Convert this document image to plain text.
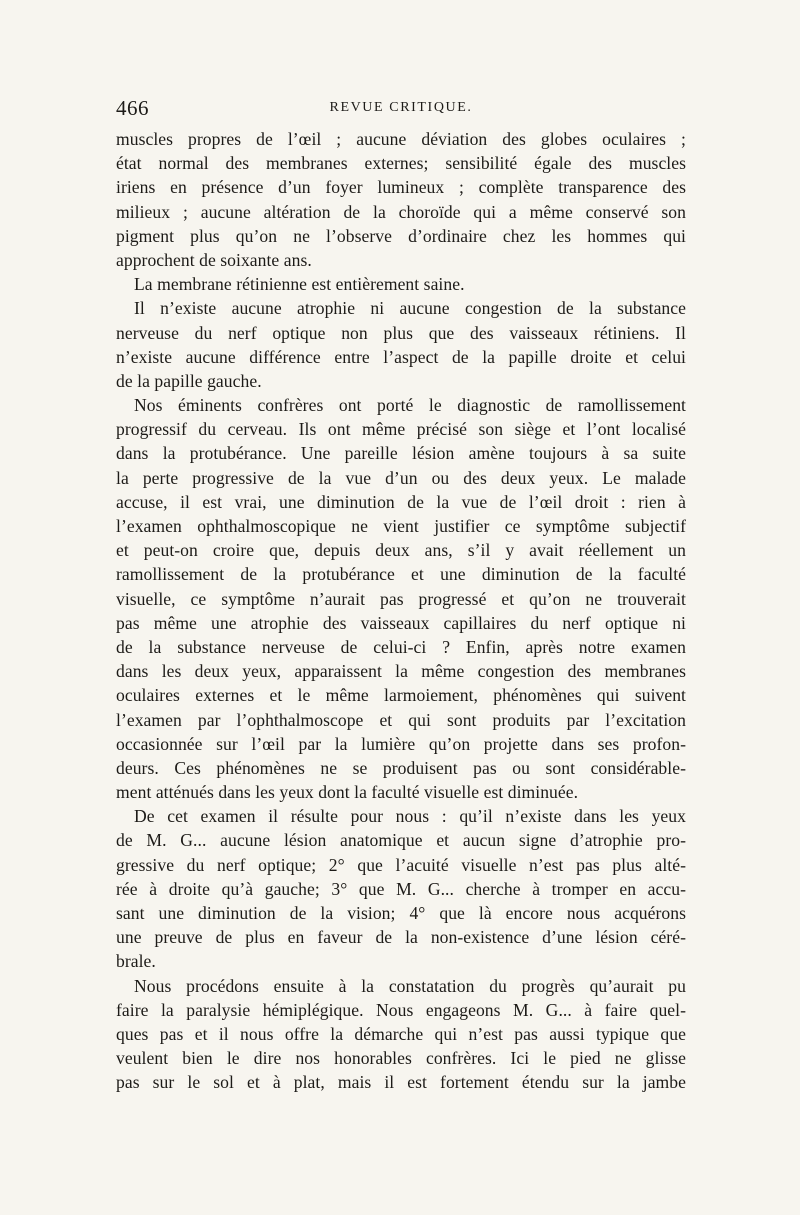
466	REVUE CRITIQUE.
muscles propres de l’œil ; aucune déviation des globes oculaires ;
état normal des membranes externes; sensibilité égale des muscles
iriens en présence d’un foyer lumineux ; complète transparence des
milieux ; aucune altération de la choroïde qui a même conservé son
pigment plus qu’on ne l’observe d’ordinaire chez les hommes qui
approchent de soixante ans.
La membrane rétinienne est entièrement saine.
Il n’existe aucune atrophie ni aucune congestion de la substance
nerveuse du nerf optique non plus que des vaisseaux rétiniens. Il
n’existe aucune différence entre l’aspect de la papille droite et celui
de la papille gauche.
Nos éminents confrères ont porté le diagnostic de ramollissement
progressif du cerveau. Ils ont même précisé son siège et l’ont localisé
dans la protubérance. Une pareille lésion amène toujours à sa suite
la perte progressive de la vue d’un ou des deux yeux. Le malade
accuse, il est vrai, une diminution de la vue de l’œil droit : rien à
l’examen ophthalmoscopique ne vient justifier ce symptôme subjectif
et peut-on croire que, depuis deux ans, s’il y avait réellement un
ramollissement de la protubérance et une diminution de la faculté
visuelle, ce symptôme n’aurait pas progressé et qu’on ne trouverait
pas même une atrophie des vaisseaux capillaires du nerf optique ni
de la substance nerveuse de celui-ci ? Enfin, après notre examen
dans les deux yeux, apparaissent la même congestion des membranes
oculaires externes et le même larmoiement, phénomènes qui suivent
l’examen par l’ophthalmoscope et qui sont produits par l’excitation
occasionnée sur l’œil par la lumière qu’on projette dans ses profon-
deurs. Ces phénomènes ne se produisent pas ou sont considérable-
ment atténués dans les yeux dont la faculté visuelle est diminuée.
De cet examen il résulte pour nous : qu’il n’existe dans les yeux
de M. G... aucune lésion anatomique et aucun signe d’atrophie pro-
gressive du nerf optique; 2° que l’acuité visuelle n’est pas plus alté-
rée à droite qu’à gauche; 3° que M. G... cherche à tromper en accu-
sant une diminution de la vision; 4° que là encore nous acquérons
une preuve de plus en faveur de la non-existence d’une lésion céré-
brale.
Nous procédons ensuite à la constatation du progrès qu’aurait pu
faire la paralysie hémiplégique. Nous engageons M. G... à faire quel-
ques pas et il nous offre la démarche qui n’est pas aussi typique que
veulent bien le dire nos honorables confrères. Ici le pied ne glisse
pas sur le sol et à plat, mais il est fortement étendu sur la jambe
